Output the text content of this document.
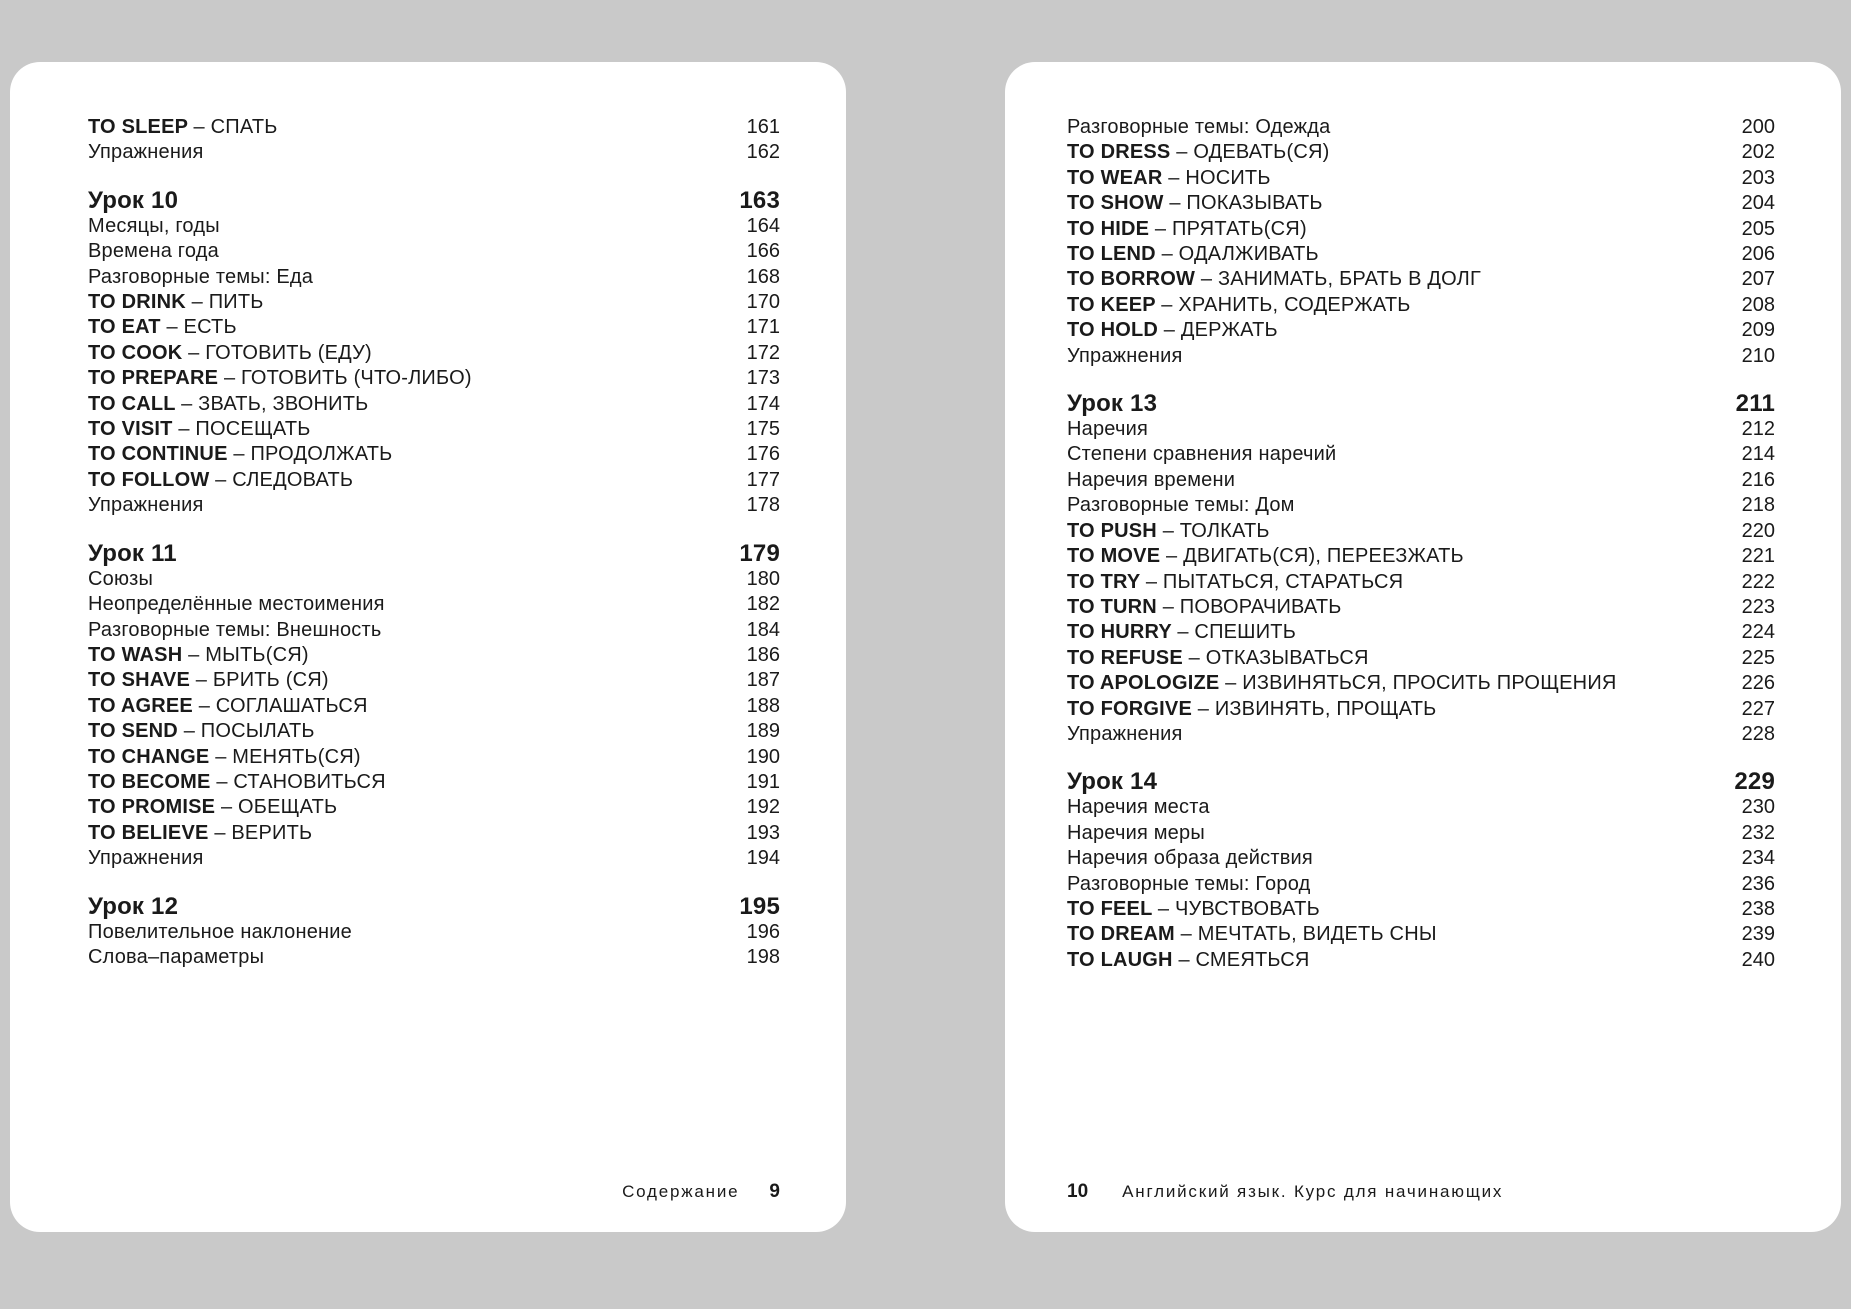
TO SLEEP – СПАТЬ	161
Упражнения	162
Урок 10	163
Месяцы, годы	164
Времена года	166
Разговорные темы: Еда	168
TO DRINK – ПИТЬ	170
TO EAT – ЕСТЬ	171
TO COOK – ГОТОВИТЬ (ЕДУ)	172
TO PREPARE – ГОТОВИТЬ (ЧТО-ЛИБО)	173
TO CALL – ЗВАТЬ, ЗВОНИТЬ	174
TO VISIT – ПОСЕЩАТЬ	175
TO CONTINUE – ПРОДОЛЖАТЬ	176
TO FOLLOW – СЛЕДОВАТЬ	177
Упражнения	178
Урок 11	179
Союзы	180
Неопределённые местоимения	182
Разговорные темы: Внешность	184
TO WASH – МЫТЬ(СЯ)	186
TO SHAVE – БРИТЬ (СЯ)	187
TO AGREE – СОГЛАШАТЬСЯ	188
TO SEND – ПОСЫЛАТЬ	189
TO CHANGE – МЕНЯТЬ(СЯ)	190
TO BECOME – СТАНОВИТЬСЯ	191
TO PROMISE – ОБЕЩАТЬ	192
TO BELIEVE – ВЕРИТЬ	193
Упражнения	194
Урок 12	195
Повелительное наклонение	196
Слова–параметры	198
Содержание 9
Разговорные темы: Одежда	200
TO DRESS – ОДЕВАТЬ(СЯ)	202
TO WEAR – НОСИТЬ	203
TO SHOW – ПОКАЗЫВАТЬ	204
TO HIDE – ПРЯТАТЬ(СЯ)	205
TO LEND – ОДАЛЖИВАТЬ	206
TO BORROW – ЗАНИМАТЬ, БРАТЬ В ДОЛГ	207
TO KEEP – ХРАНИТЬ, СОДЕРЖАТЬ	208
TO HOLD – ДЕРЖАТЬ	209
Упражнения	210
Урок 13	211
Наречия	212
Степени сравнения наречий	214
Наречия времени	216
Разговорные темы: Дом	218
TO PUSH – ТОЛКАТЬ	220
TO MOVE – ДВИГАТЬ(СЯ), ПЕРЕЕЗЖАТЬ	221
TO TRY – ПЫТАТЬСЯ, СТАРАТЬСЯ	222
TO TURN – ПОВОРАЧИВАТЬ	223
TO HURRY – СПЕШИТЬ	224
TO REFUSE – ОТКАЗЫВАТЬСЯ	225
TO APOLOGIZE – ИЗВИНЯТЬСЯ, ПРОСИТЬ ПРОЩЕНИЯ	226
TO FORGIVE – ИЗВИНЯТЬ, ПРОЩАТЬ	227
Упражнения	228
Урок 14	229
Наречия места	230
Наречия меры	232
Наречия образа действия	234
Разговорные темы: Город	236
TO FEEL – ЧУВСТВОВАТЬ	238
TO DREAM – МЕЧТАТЬ, ВИДЕТЬ СНЫ	239
TO LAUGH – СМЕЯТЬСЯ	240
10 Английский язык. Курс для начинающих
